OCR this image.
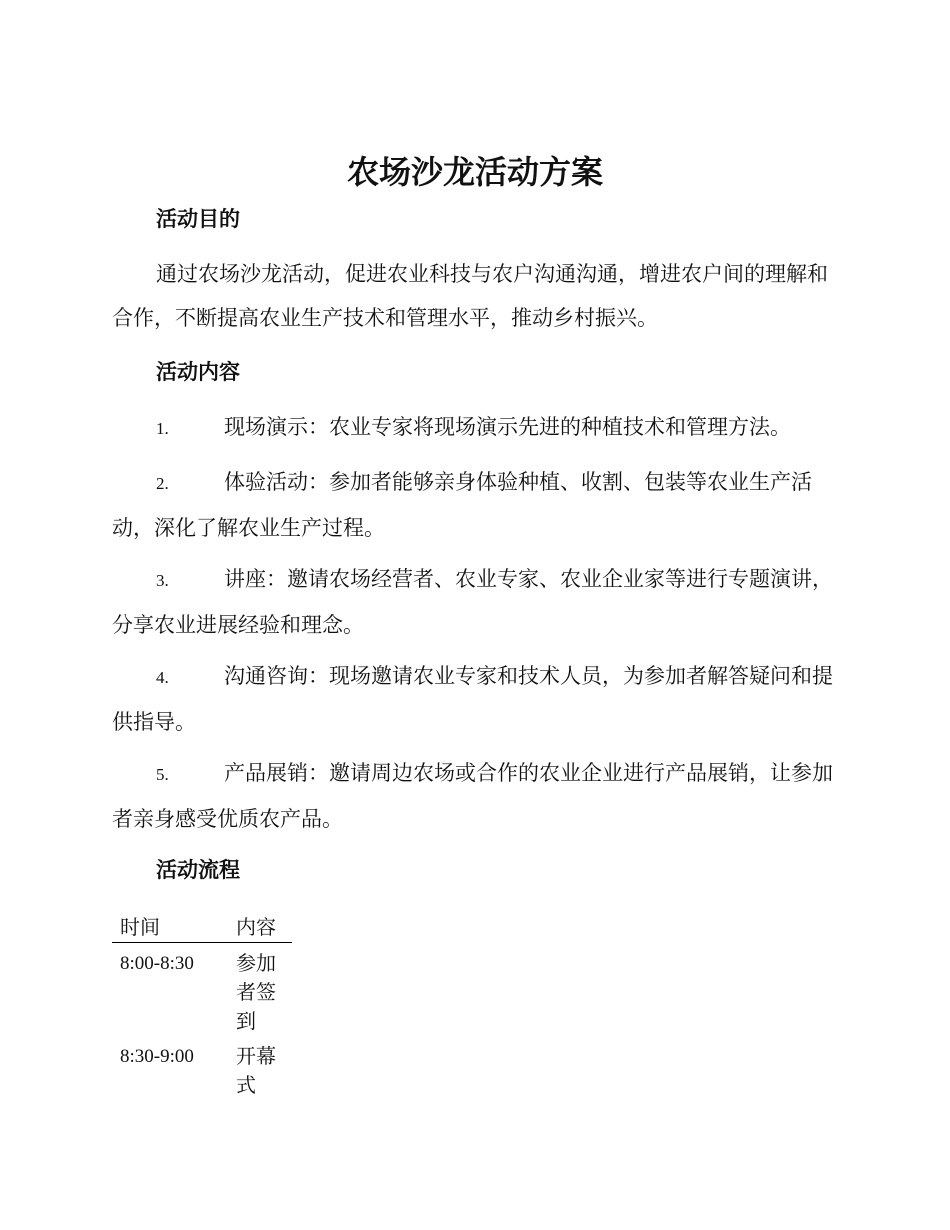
农场沙龙活动方案
活动目的

通过农场沙龙活动，促进农业科技与农户沟通沟通，增进农户间的理解和合作，不断提高农业生产技术和管理水平，推动乡村振兴。

活动内容

1.	现场演示：农业专家将现场演示先进的种植技术和管理方法。

2.	体验活动：参加者能够亲身体验种植、收割、包装等农业生产活动，深化了解农业生产过程。

3.	讲座：邀请农场经营者、农业专家、农业企业家等进行专题演讲，分享农业进展经验和理念。

4.	沟通咨询：现场邀请农业专家和技术人员，为参加者解答疑问和提供指导。

5.	产品展销：邀请周边农场或合作的农业企业进行产品展销，让参加者亲身感受优质农产品。

活动流程
时间	内容
8:00-8:30	参加者签到
8:30-9:00	开幕式
